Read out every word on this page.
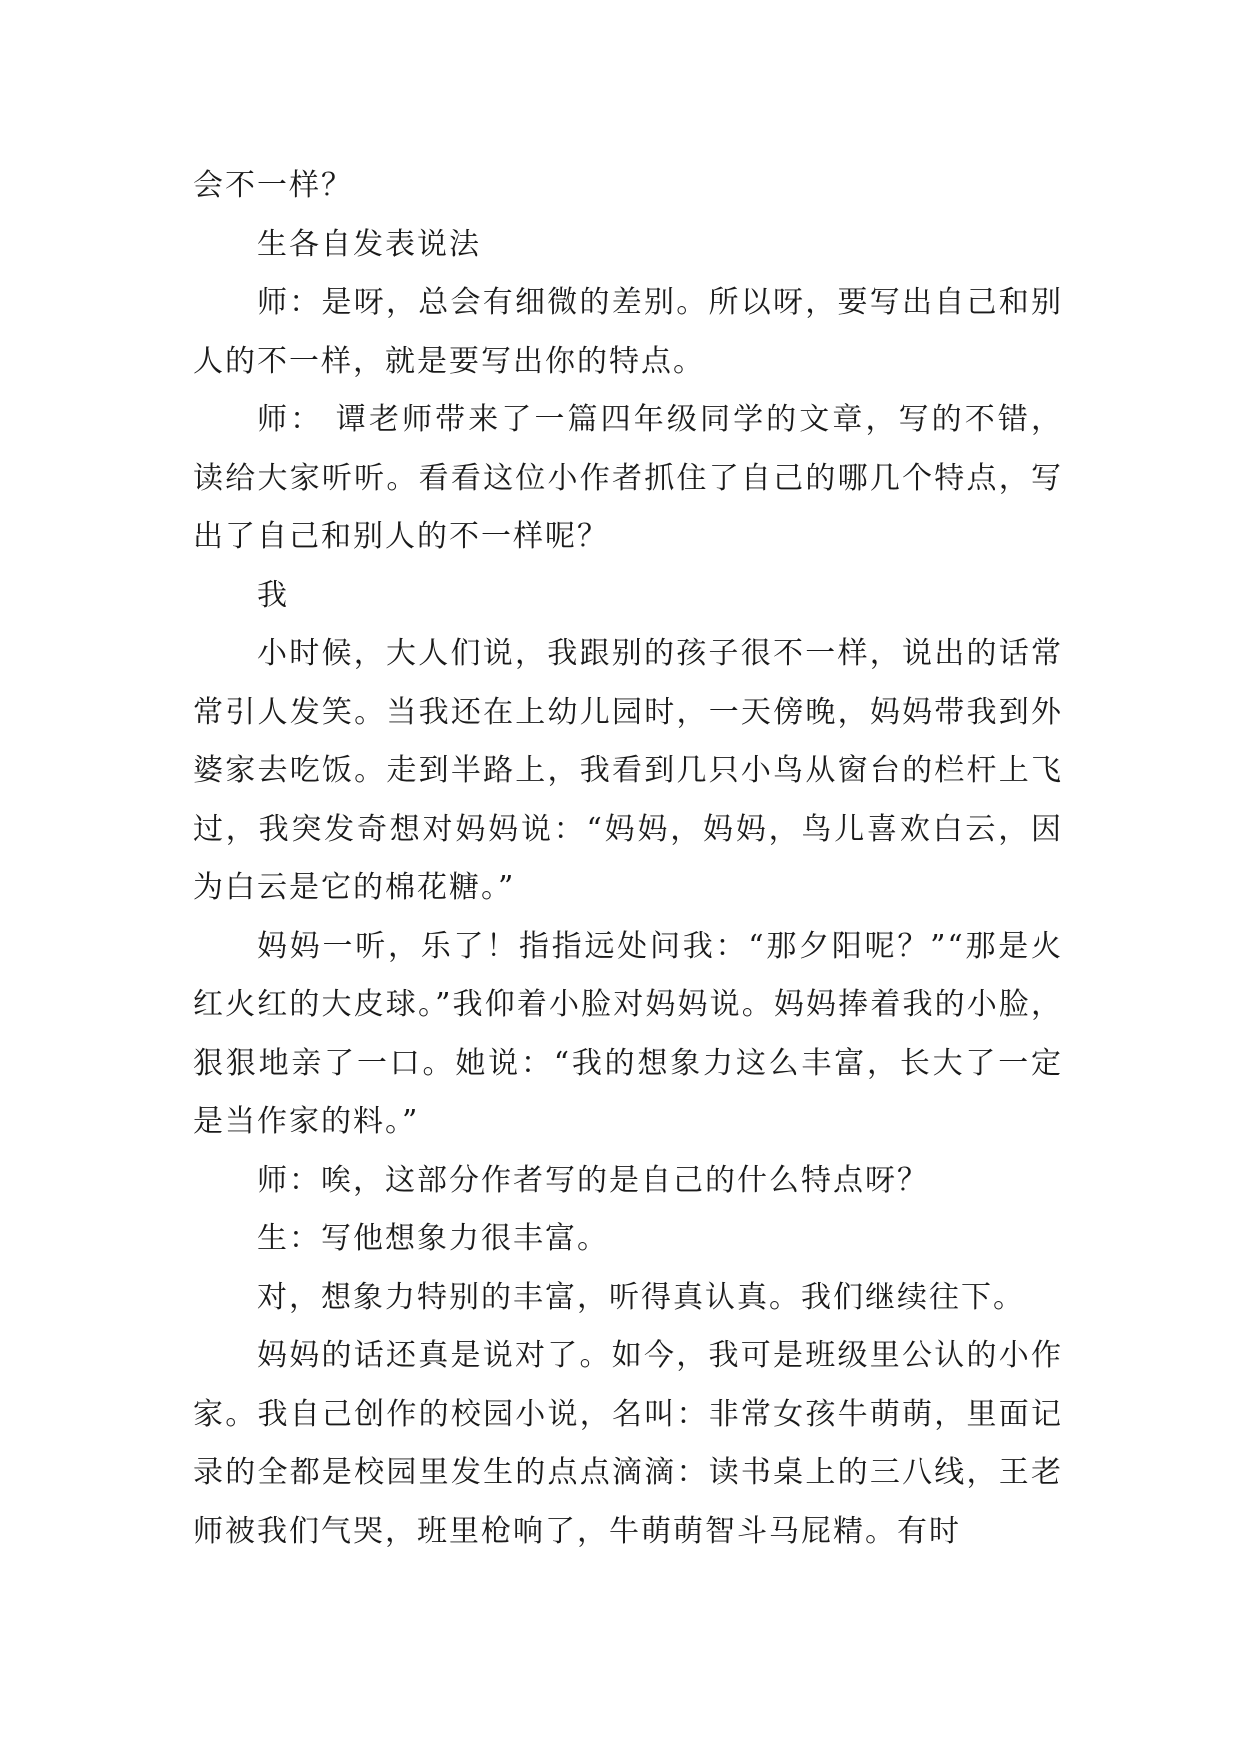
会不一样？

生各自发表说法

师：是呀，总会有细微的差别。所以呀，要写出自己和别人的不一样，就是要写出你的特点。

师： 谭老师带来了一篇四年级同学的文章，写的不错，读给大家听听。看看这位小作者抓住了自己的哪几个特点，写出了自己和别人的不一样呢？

我

小时候，大人们说，我跟别的孩子很不一样，说出的话常常引人发笑。当我还在上幼儿园时，一天傍晚，妈妈带我到外婆家去吃饭。走到半路上，我看到几只小鸟从窗台的栏杆上飞过，我突发奇想对妈妈说：“妈妈，妈妈，鸟儿喜欢白云，因为白云是它的棉花糖。”

妈妈一听，乐了！指指远处问我：“那夕阳呢？”“那是火红火红的大皮球。”我仰着小脸对妈妈说。妈妈捧着我的小脸，狠狠地亲了一口。她说：“我的想象力这么丰富，长大了一定是当作家的料。”

师：唉，这部分作者写的是自己的什么特点呀？

生：写他想象力很丰富。

对，想象力特别的丰富，听得真认真。我们继续往下。

妈妈的话还真是说对了。如今，我可是班级里公认的小作家。我自己创作的校园小说，名叫：非常女孩牛萌萌，里面记录的全都是校园里发生的点点滴滴：读书桌上的三八线，王老师被我们气哭，班里枪响了，牛萌萌智斗马屁精。有时
